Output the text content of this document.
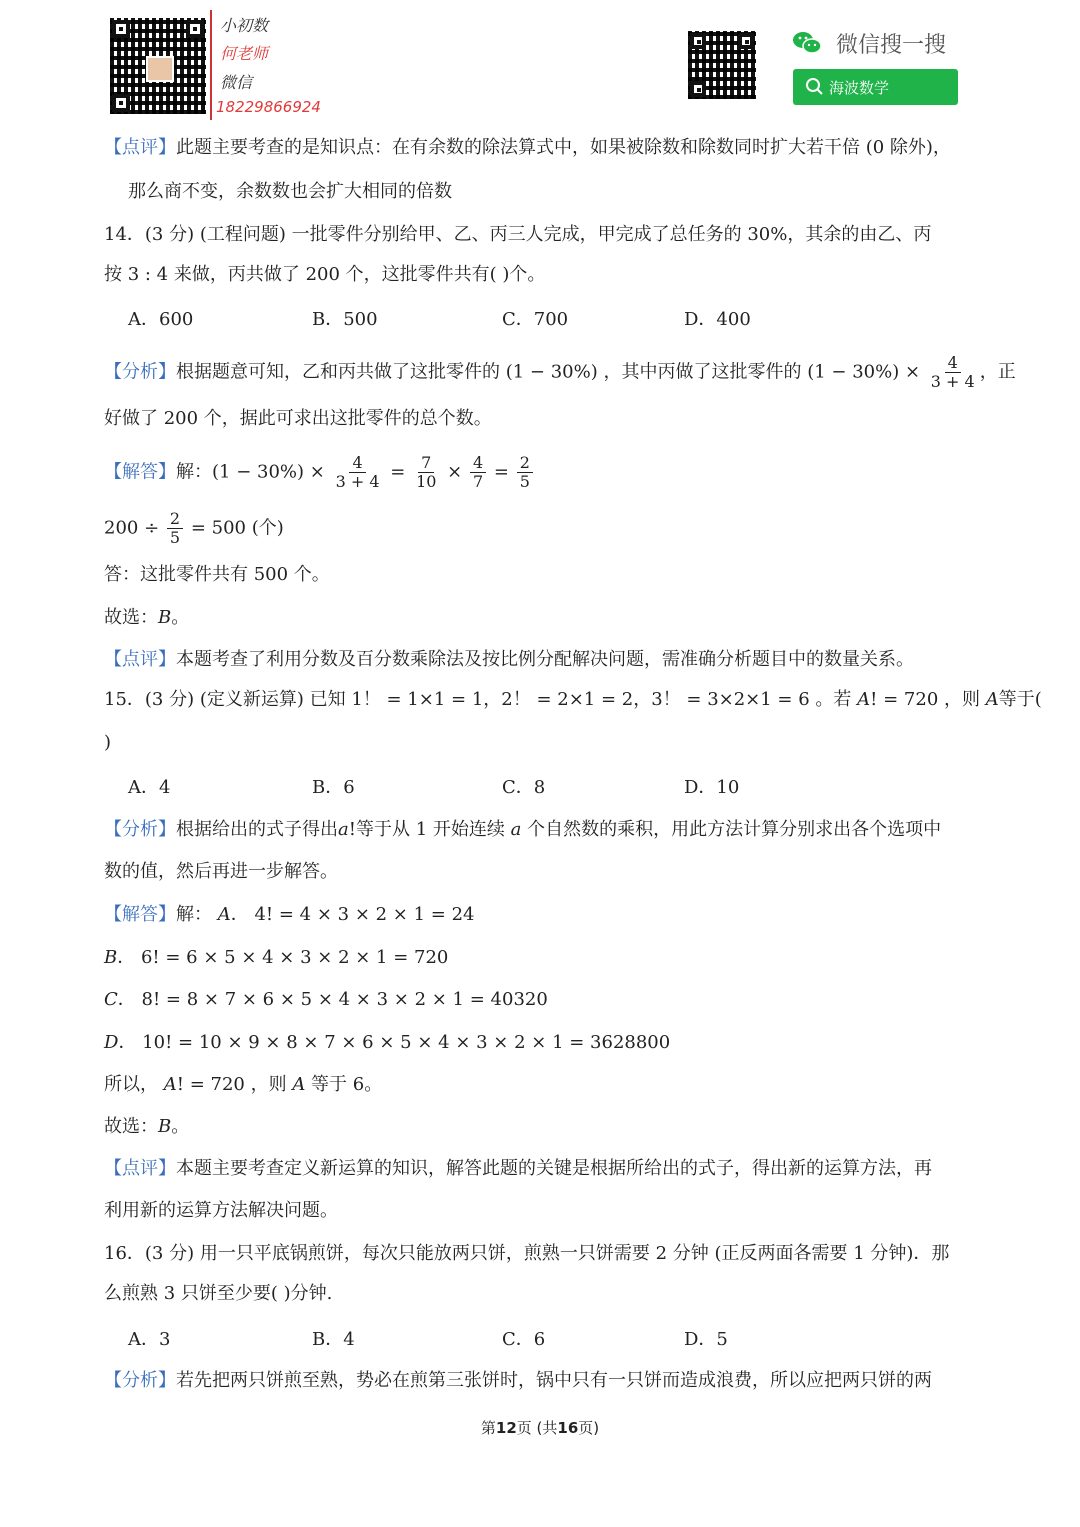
小初数
何老师
微信
18229866924
微信搜一搜
海波数学
【点评】此题主要考查的是知识点：在有余数的除法算式中，如果被除数和除数同时扩大若干倍 (0 除外)，
那么商不变，余数数也会扩大相同的倍数
14．(3 分) (工程问题) 一批零件分别给甲、乙、丙三人完成，甲完成了总任务的 30%，其余的由乙、丙
按 3 : 4 来做，丙共做了 200 个，这批零件共有( )个。
A．600	B．500	C．700	D．400
【分析】根据题意可知，乙和丙共做了这批零件的 (1 − 30%) ，其中丙做了这批零件的 $(1 - 30\%) \times \frac{4}{3 + 4}$ ，正
好做了 200 个，据此可求出这批零件的总个数。
【解答】解：$(1 - 30\%) \times \frac{4}{3 + 4} = \frac{7}{10} \times \frac{4}{7} = \frac{2}{5}$
$200 \div \frac{2}{5} = 500$ (个)
答：这批零件共有 500 个。
故选：B。
【点评】本题考查了利用分数及百分数乘除法及按比例分配解决问题，需准确分析题目中的数量关系。
15．(3 分) (定义新运算) 已知 1！ = 1×1 = 1，2！ = 2×1 = 2，3！ = 3×2×1 = 6 。若 A! = 720 ，则 A等于(
)
A．4	B．6	C．8	D．10
【分析】根据给出的式子得出a!等于从 1 开始连续 a 个自然数的乘积，用此方法计算分别求出各个选项中
数的值，然后再进一步解答。
【解答】解： A． 4! = 4 × 3 × 2 × 1 = 24
B． 6! = 6 × 5 × 4 × 3 × 2 × 1 = 720
C． 8! = 8 × 7 × 6 × 5 × 4 × 3 × 2 × 1 = 40320
D． 10! = 10 × 9 × 8 × 7 × 6 × 5 × 4 × 3 × 2 × 1 = 3628800
所以， A! = 720 ，则 A 等于 6。
故选：B。
【点评】本题主要考查定义新运算的知识，解答此题的关键是根据所给出的式子，得出新的运算方法，再
利用新的运算方法解决问题。
16．(3 分) 用一只平底锅煎饼，每次只能放两只饼，煎熟一只饼需要 2 分钟 (正反两面各需要 1 分钟)．那
么煎熟 3 只饼至少要( )分钟.
A．3	B．4	C．6	D．5
【分析】若先把两只饼煎至熟，势必在煎第三张饼时，锅中只有一只饼而造成浪费，所以应把两只饼的两
第12页 (共16页)
